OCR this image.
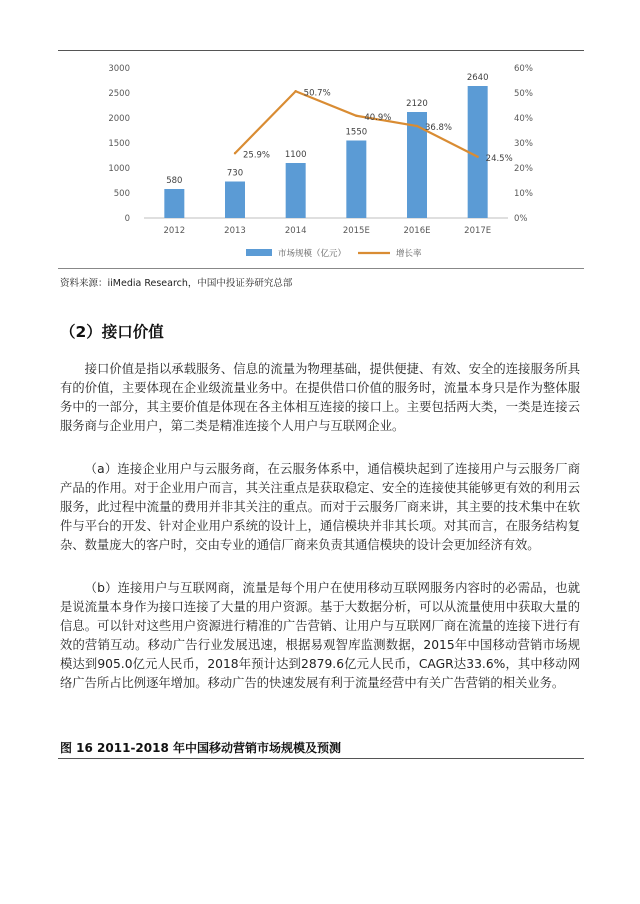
0
500
1000
1500
2000
2500
3000
0%
10%
20%
30%
40%
50%
60%
580
2012
730
2013
1100
2014
1550
2015E
2120
2016E
2640
2017E
25.9%
50.7%
40.9%
36.8%
24.5%
市场规模（亿元）	增长率
资料来源：iiMedia Research，中国中投证券研究总部
（2）接口价值

接口价值是指以承载服务、信息的流量为物理基础，提供便捷、有效、安全的连接服务所具有的价值，主要体现在企业级流量业务中。在提供借口价值的服务时，流量本身只是作为整体服务中的一部分，其主要价值是体现在各主体相互连接的接口上。主要包括两大类，一类是连接云服务商与企业用户，第二类是精准连接个人用户与互联网企业。

（a）连接企业用户与云服务商，在云服务体系中，通信模块起到了连接用户与云服务厂商产品的作用。对于企业用户而言，其关注重点是获取稳定、安全的连接使其能够更有效的利用云服务，此过程中流量的费用并非其关注的重点。而对于云服务厂商来讲，其主要的技术集中在软件与平台的开发、针对企业用户系统的设计上，通信模块并非其长项。对其而言，在服务结构复杂、数量庞大的客户时，交由专业的通信厂商来负责其通信模块的设计会更加经济有效。

（b）连接用户与互联网商，流量是每个用户在使用移动互联网服务内容时的必需品，也就是说流量本身作为接口连接了大量的用户资源。基于大数据分析，可以从流量使用中获取大量的信息。可以针对这些用户资源进行精准的广告营销、让用户与互联网厂商在流量的连接下进行有效的营销互动。移动广告行业发展迅速，根据易观智库监测数据，2015年中国移动营销市场规模达到905.0亿元人民币，2018年预计达到2879.6亿元人民币，CAGR达33.6%，其中移动网络广告所占比例逐年增加。移动广告的快速发展有利于流量经营中有关广告营销的相关业务。

图 16 2011-2018 年中国移动营销市场规模及预测
